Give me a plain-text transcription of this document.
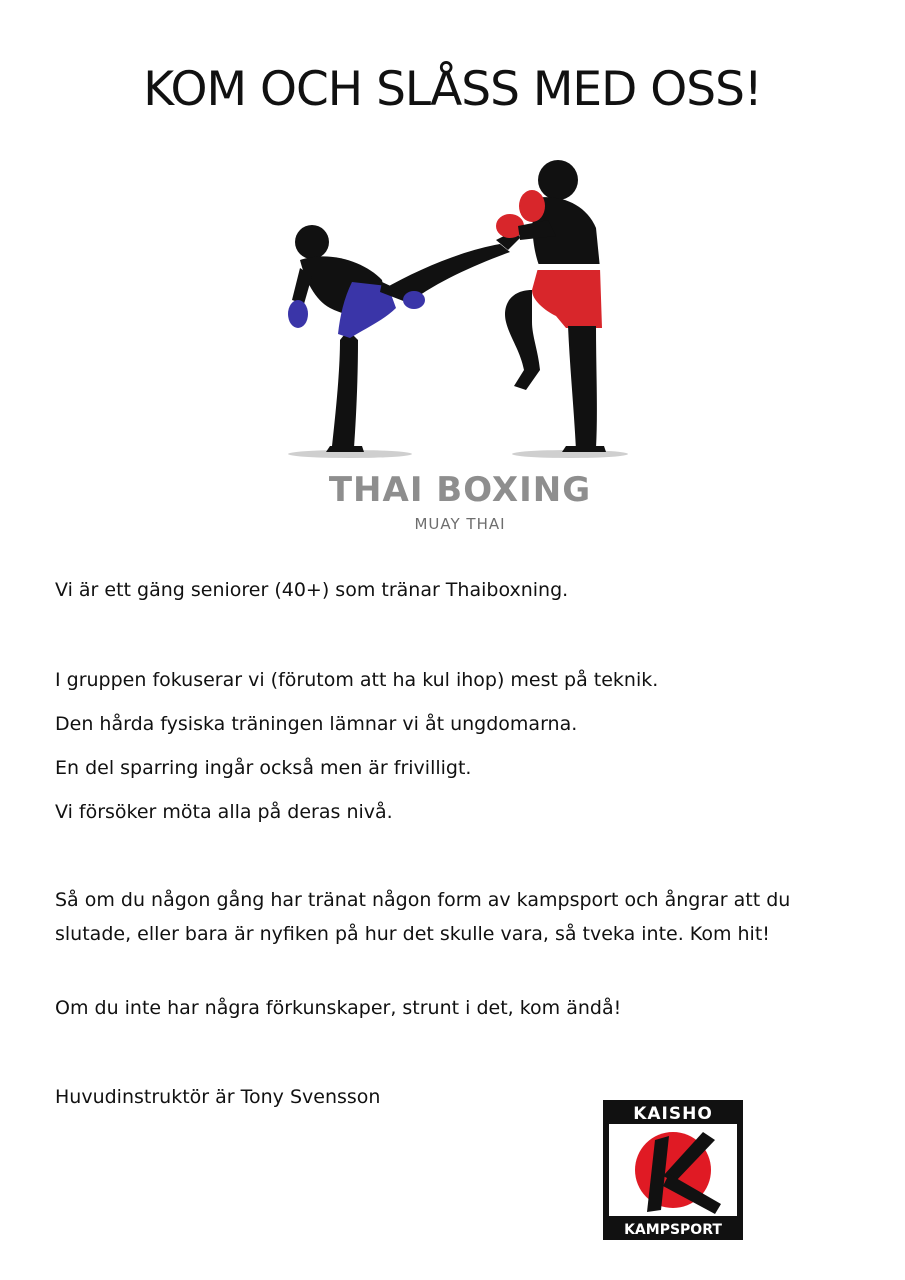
KOM OCH SLÅSS MED OSS!
THAI BOXING
MUAY THAI

Vi är ett gäng seniorer (40+) som tränar Thaiboxning.

I gruppen fokuserar vi (förutom att ha kul ihop) mest på teknik.

Den hårda fysiska träningen lämnar vi åt ungdomarna.

En del sparring ingår också men är frivilligt.

Vi försöker möta alla på deras nivå.

Så om du någon gång har tränat någon form av kampsport och ångrar att du

slutade, eller bara är nyfiken på hur det skulle vara, så tveka inte. Kom hit!

Om du inte har några förkunskaper, strunt i det, kom ändå!

Huvudinstruktör är Tony Svensson

KAISHO
KAMPSPORT
